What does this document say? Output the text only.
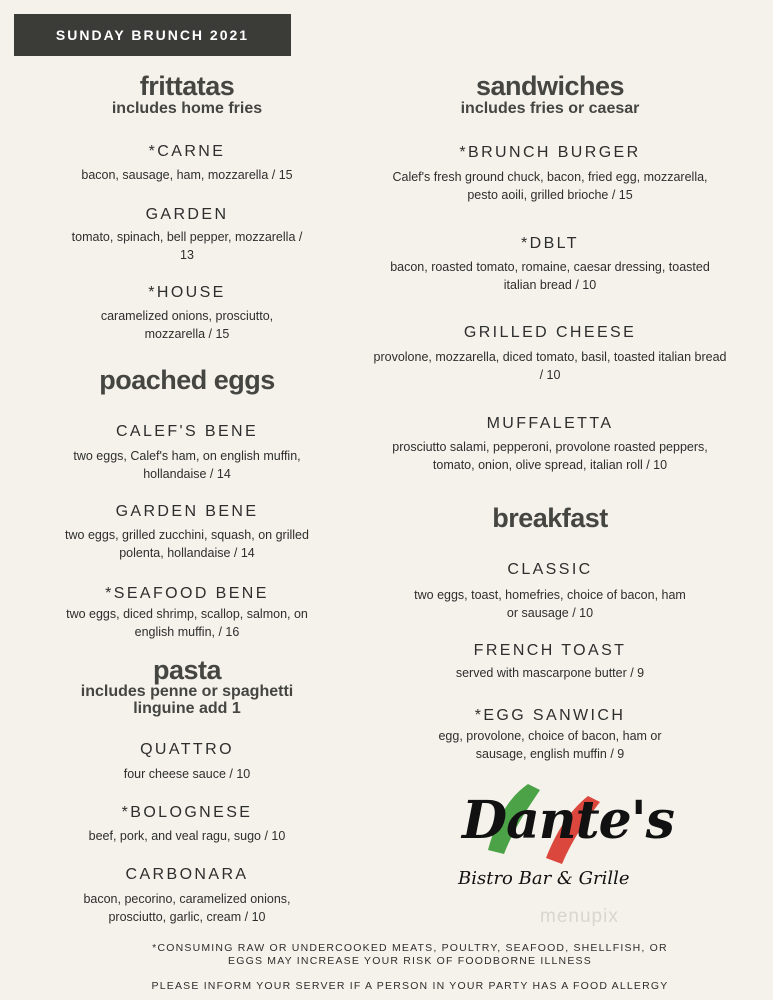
SUNDAY BRUNCH 2021
frittatas
includes home fries
*CARNE
bacon, sausage, ham, mozzarella / 15
GARDEN
tomato, spinach, bell pepper, mozzarella / 13
*HOUSE
caramelized onions, prosciutto, mozzarella / 15
poached eggs
CALEF'S BENE
two eggs, Calef's ham, on english muffin, hollandaise / 14
GARDEN BENE
two eggs, grilled zucchini, squash, on grilled polenta, hollandaise / 14
*SEAFOOD BENE
two eggs, diced shrimp, scallop, salmon, on english muffin, / 16
pasta
includes penne or spaghetti
linguine add 1
QUATTRO
four cheese sauce / 10
*BOLOGNESE
beef, pork, and veal ragu, sugo / 10
CARBONARA
bacon, pecorino, caramelized onions, prosciutto, garlic, cream / 10
sandwiches
includes fries or caesar
*BRUNCH BURGER
Calef's fresh ground chuck, bacon, fried egg, mozzarella, pesto aoili, grilled brioche / 15
*DBLT
bacon, roasted tomato, romaine, caesar dressing, toasted italian bread / 10
GRILLED CHEESE
provolone, mozzarella, diced tomato, basil, toasted italian bread / 10
MUFFALETTA
prosciutto salami, pepperoni, provolone roasted peppers, tomato, onion, olive spread, italian roll / 10
breakfast
CLASSIC
two eggs, toast, homefries, choice of bacon, ham or sausage / 10
FRENCH TOAST
served with mascarpone butter / 9
*EGG SANWICH
egg, provolone, choice of bacon, ham or sausage, english muffin / 9
Dante's
Bistro Bar & Grille
menupix
*CONSUMING RAW OR UNDERCOOKED MEATS, POULTRY, SEAFOOD, SHELLFISH, OR
EGGS MAY INCREASE YOUR RISK OF FOODBORNE ILLNESS
PLEASE INFORM YOUR SERVER IF A PERSON IN YOUR PARTY HAS A FOOD ALLERGY
